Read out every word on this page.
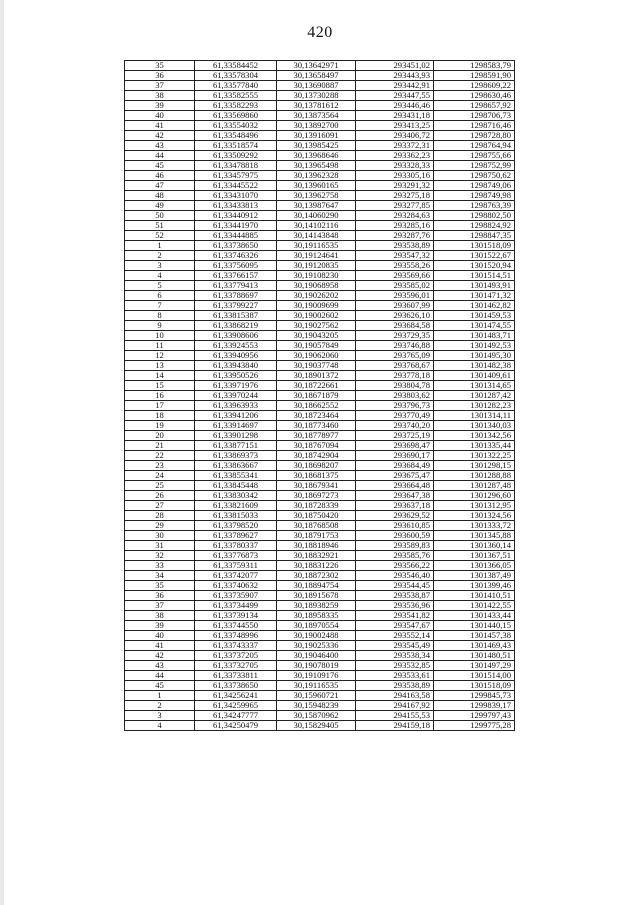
420
35	61,33584452	30,13642971	293451,02	1298583,79
36	61,33578304	30,13658497	293443,93	1298591,90
37	61,33577840	30,13690887	293442,91	1298609,22
38	61,33582555	30,13730288	293447,55	1298630,46
39	61,33582293	30,13781612	293446,46	1298657,92
40	61,33569860	30,13873564	293431,18	1298706,73
41	61,33554032	30,13892700	293413,25	1298716,46
42	61,33548496	30,13916091	293406,72	1298728,80
43	61,33518574	30,13985425	293372,31	1298764,94
44	61,33509292	30,13968646	293362,23	1298755,66
45	61,33478818	30,13965498	293328,33	1298752,99
46	61,33457975	30,13962328	293305,16	1298750,62
47	61,33445522	30,13960165	293291,32	1298749,06
48	61,33431070	30,13962758	293275,18	1298749,98
49	61,33433813	30,13987647	293277,85	1298763,39
50	61,33440912	30,14060290	293284,63	1298802,50
51	61,33441970	30,14102116	293285,16	1298824,92
52	61,33444885	30,14143848	293287,76	1298847,35
1	61,33738650	30,19116535	293538,89	1301518,09
2	61,33746326	30,19124641	293547,32	1301522,67
3	61,33756095	30,19120835	293558,26	1301520,94
4	61,33766157	30,19108230	293569,66	1301514,51
5	61,33779413	30,19068958	293585,02	1301493,91
6	61,33788697	30,19026202	293596,01	1301471,32
7	61,33799227	30,19009699	293607,99	1301462,82
8	61,33815387	30,19002602	293626,10	1301459,53
9	61,33868219	30,19027562	293684,58	1301474,55
10	61,33908606	30,19043205	293729,35	1301483,71
11	61,33924553	30,19057849	293746,88	1301492,53
12	61,33940956	30,19062060	293765,09	1301495,30
13	61,33943840	30,19037748	293768,67	1301482,38
14	61,33950526	30,18901372	293778,18	1301409,61
15	61,33971976	30,18722661	293804,78	1301314,65
16	61,33970244	30,18671879	293803,62	1301287,42
17	61,33963933	30,18662552	293796,73	1301282,23
18	61,33941206	30,18723464	293770,49	1301314,11
19	61,33914697	30,18773460	293740,20	1301340,03
20	61,33901298	30,18778977	293725,19	1301342,56
21	61,33877151	30,18767094	293698,47	1301335,44
22	61,33869373	30,18742904	293690,17	1301322,25
23	61,33863667	30,18698207	293684,49	1301298,15
24	61,33855341	30,18681375	293675,47	1301288,88
25	61,33845448	30,18679341	293664,48	1301287,48
26	61,33830342	30,18697273	293647,38	1301296,60
27	61,33821609	30,18728339	293637,18	1301312,95
28	61,33815033	30,18750420	293629,52	1301324,56
29	61,33798520	30,18768508	293610,85	1301333,72
30	61,33789627	30,18791753	293600,59	1301345,88
31	61,33780337	30,18818946	293589,83	1301360,14
32	61,33776873	30,18832921	293585,76	1301367,51
33	61,33759311	30,18831226	293566,22	1301366,05
34	61,33742077	30,18872302	293546,40	1301387,49
35	61,33740632	30,18894754	293544,45	1301399,46
36	61,33735907	30,18915678	293538,87	1301410,51
37	61,33734499	30,18938259	293536,96	1301422,55
38	61,33739134	30,18958335	293541,82	1301433,44
39	61,33744550	30,18970554	293547,67	1301440,15
40	61,33748996	30,19002488	293552,14	1301457,38
41	61,33743337	30,19025336	293545,49	1301469,43
42	61,33737205	30,19046400	293538,34	1301480,51
43	61,33732705	30,19078019	293532,85	1301497,29
44	61,33733811	30,19109176	293533,61	1301514,00
45	61,33738650	30,19116535	293538,89	1301518,09
1	61,34256241	30,15960721	294163,58	1299845,73
2	61,34259965	30,15948239	294167,92	1299839,17
3	61,34247777	30,15870962	294155,53	1299797,43
4	61,34250479	30,15829405	294159,18	1299775,28
